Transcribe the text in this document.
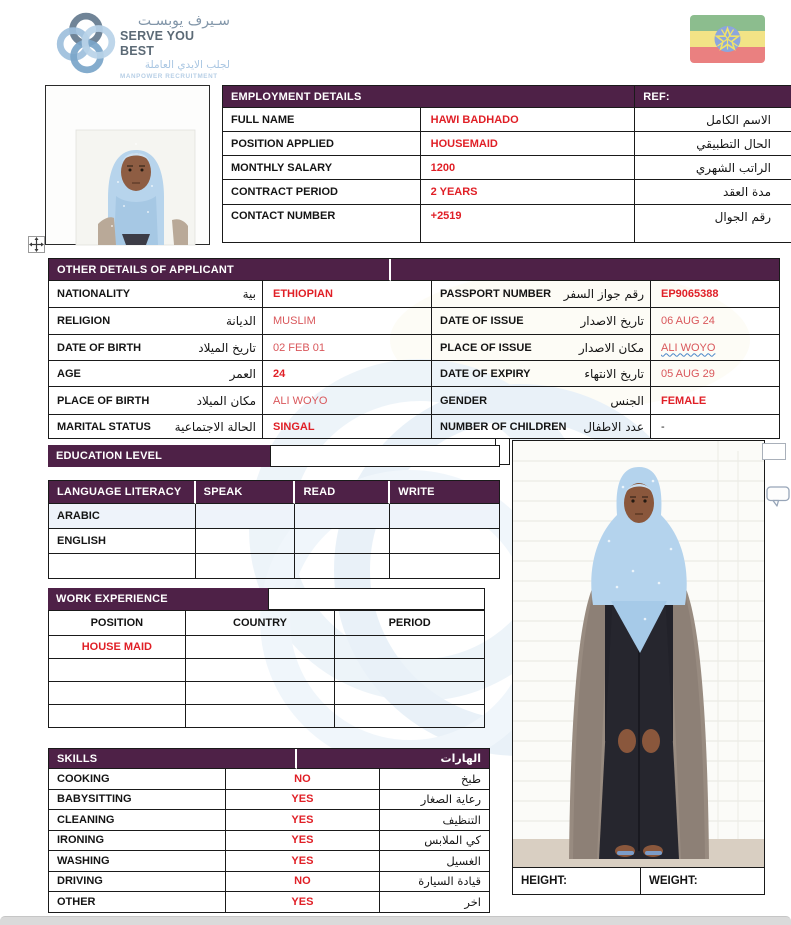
سـيرف يوبسـت
SERVE YOU BEST
لجلب الايدي العاملة
MANPOWER RECRUITMENT
EMPLOYMENT DETAILS	REF:
FULL NAME	HAWI BADHADO	الاسم الكامل
POSITION APPLIED	HOUSEMAID	الحال التطبيقي
MONTHLY SALARY	1200	الراتب الشهري
CONTRACT PERIOD	2 YEARS	مدة العقد
CONTACT NUMBER	+2519	رقم الجوال
OTHER DETAILS OF APPLICANT
NATIONALITY	بية	ETHIOPIAN	PASSPORT NUMBER رقم جواز السفر	EP9065388
RELIGION	الديانة	MUSLIM	DATE OF ISSUE	تاريخ الاصدار	06 AUG 24
DATE OF BIRTH	تاريخ الميلاد	02 FEB 01	PLACE OF ISSUE	مكان الاصدار	ALI WOYO
AGE	العمر	24	DATE OF EXPIRY	تاريخ الانتهاء	05 AUG 29
PLACE OF BIRTH	مكان الميلاد	ALI WOYO	GENDER	الجنس	FEMALE
MARITAL STATUS الحالة الاجتماعية	SINGAL	NUMBER OF CHILDREN عدد الاطفال	-
EDUCATION LEVEL
LANGUAGE LITERACY	SPEAK	READ	WRITE
ARABIC
ENGLISH
WORK EXPERIENCE
POSITION	COUNTRY	PERIOD
HOUSE MAID
SKILLS	الهارات
COOKING	NO	طبخ
BABYSITTING	YES	رعاية الصغار
CLEANING	YES	التنظيف
IRONING	YES	كي الملابس
WASHING	YES	الغسيل
DRIVING	NO	قيادة السيارة
OTHER	YES	اخر
HEIGHT:	WEIGHT:
